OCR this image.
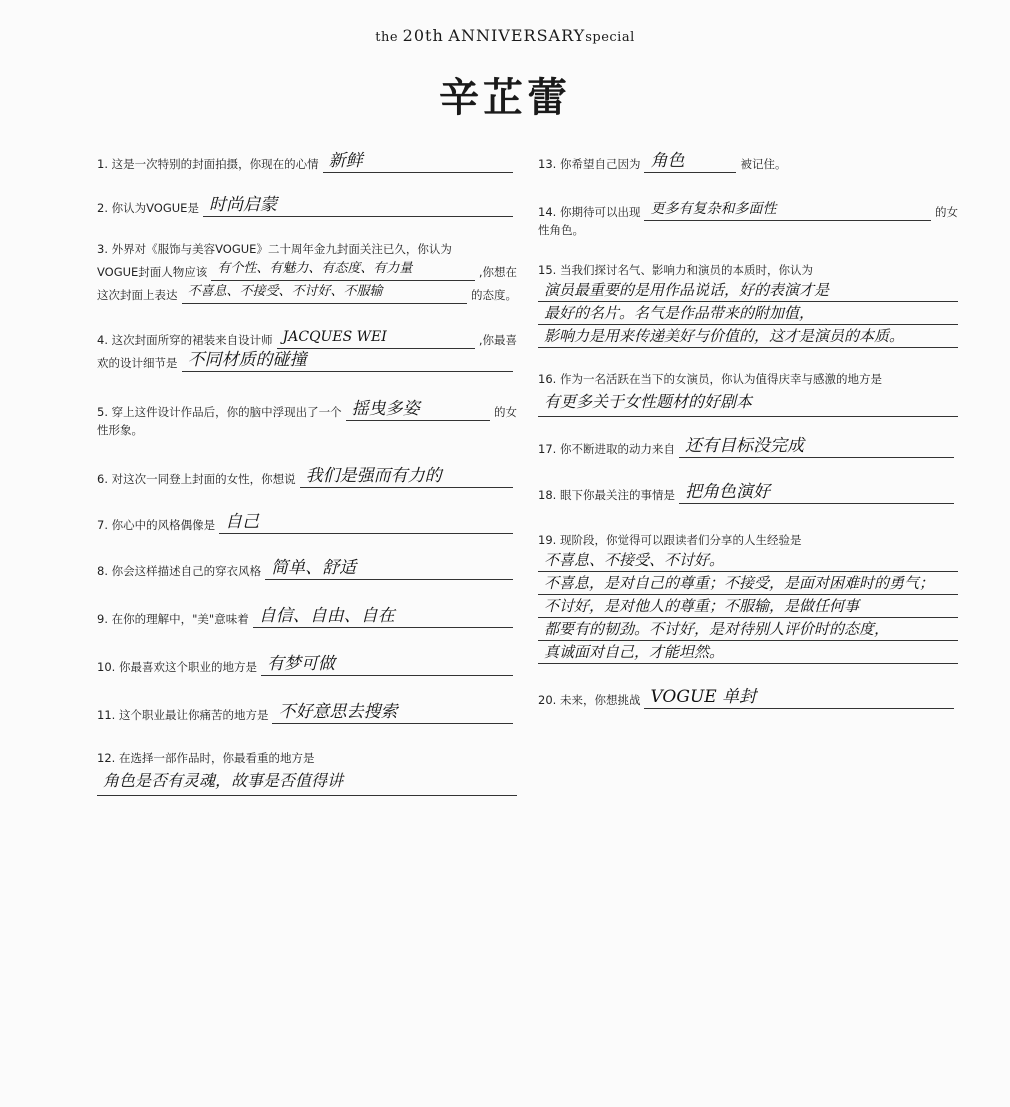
the 20th ANNIVERSARYspecial
辛芷蕾
1. 这是一次特别的封面拍摄，你现在的心情 新鲜
2. 你认为VOGUE是 时尚启蒙
3. 外界对《服饰与美容VOGUE》二十周年金九封面关注已久，你认为
VOGUE封面人物应该 有个性、有魅力、有态度、有力量	,你想在
这次封面上表达 不喜息、不接受、不讨好、不服输	的态度。
4. 这次封面所穿的裙装来自设计师 JACQUES WEI	,你最喜
欢的设计细节是 不同材质的碰撞
5. 穿上这件设计作品后，你的脑中浮现出了一个 摇曳多姿	的女
性形象。
6. 对这次一同登上封面的女性，你想说 我们是强而有力的
7. 你心中的风格偶像是 自己
8. 你会这样描述自己的穿衣风格 简单、舒适
9. 在你的理解中，"美"意味着 自信、自由、自在
10. 你最喜欢这个职业的地方是 有梦可做
11. 这个职业最让你痛苦的地方是 不好意思去搜索
12. 在选择一部作品时，你最看重的地方是
角色是否有灵魂，故事是否值得讲
13. 你希望自己因为 角色	被记住。
14. 你期待可以出现 更多有复杂和多面性	的女
性角色。
15. 当我们探讨名气、影响力和演员的本质时，你认为
演员最重要的是用作品说话，好的表演才是
最好的名片。名气是作品带来的附加值，
影响力是用来传递美好与价值的，这才是演员的本质。
16. 作为一名活跃在当下的女演员，你认为值得庆幸与感激的地方是
有更多关于女性题材的好剧本
17. 你不断进取的动力来自 还有目标没完成
18. 眼下你最关注的事情是 把角色演好
19. 现阶段，你觉得可以跟读者们分享的人生经验是
不喜息、不接受、不讨好。
不喜息，是对自己的尊重；不接受，是面对困难时的勇气；
不讨好，是对他人的尊重；不服输，是做任何事
都要有的韧劲。不讨好，是对待别人评价时的态度，
真诚面对自己，才能坦然。
20. 未来，你想挑战 VOGUE 单封
